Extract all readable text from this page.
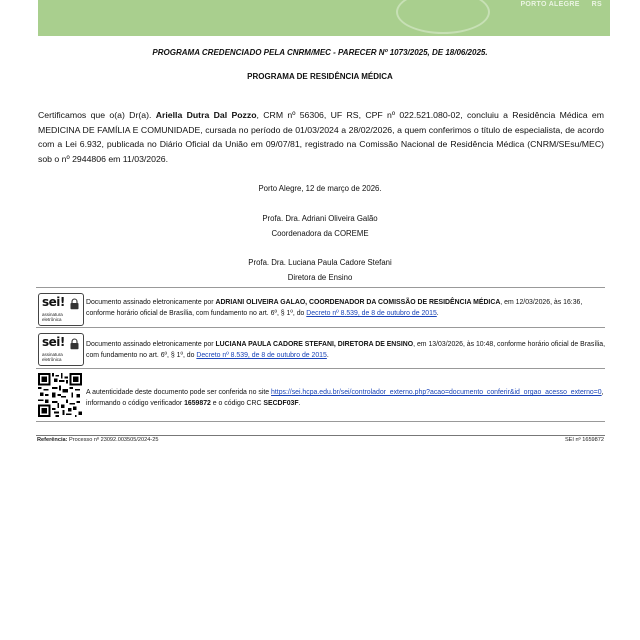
PORTO ALEGRE RS
PROGRAMA CREDENCIADO PELA CNRM/MEC - PARECER Nº 1073/2025, DE 18/06/2025.
PROGRAMA DE RESIDÊNCIA MÉDICA
Certificamos que o(a) Dr(a). Ariella Dutra Dal Pozzo, CRM nº 56306, UF RS, CPF nº 022.521.080-02, concluiu a Residência Médica em MEDICINA DE FAMÍLIA E COMUNIDADE, cursada no período de 01/03/2024 a 28/02/2026, a quem conferimos o título de especialista, de acordo com a Lei 6.932, publicada no Diário Oficial da União em 09/07/81, registrado na Comissão Nacional de Residência Médica (CNRM/SEsu/MEC) sob o nº 2944806 em 11/03/2026.
Porto Alegre, 12 de março de 2026.
Profa. Dra. Adriani Oliveira Galão
Coordenadora da COREME
Profa. Dra. Luciana Paula Cadore Stefani
Diretora de Ensino
sei!
assinatura
eletrônica
Documento assinado eletronicamente por ADRIANI OLIVEIRA GALAO, COORDENADOR DA COMISSÃO DE RESIDÊNCIA MÉDICA, em 12/03/2026, às 16:36, conforme horário oficial de Brasília, com fundamento no art. 6º, § 1º, do Decreto nº 8.539, de 8 de outubro de 2015.
sei!
assinatura
eletrônica
Documento assinado eletronicamente por LUCIANA PAULA CADORE STEFANI, DIRETORA DE ENSINO, em 13/03/2026, às 10:48, conforme horário oficial de Brasília, com fundamento no art. 6º, § 1º, do Decreto nº 8.539, de 8 de outubro de 2015.
A autenticidade deste documento pode ser conferida no site https://sei.hcpa.edu.br/sei/controlador_externo.php?acao=documento_conferir&id_orgao_acesso_externo=0, informando o código verificador 1659872 e o código CRC SECDF03F.
Referência: Processo nº 23092.003505/2024-25	SEI nº 1659872
